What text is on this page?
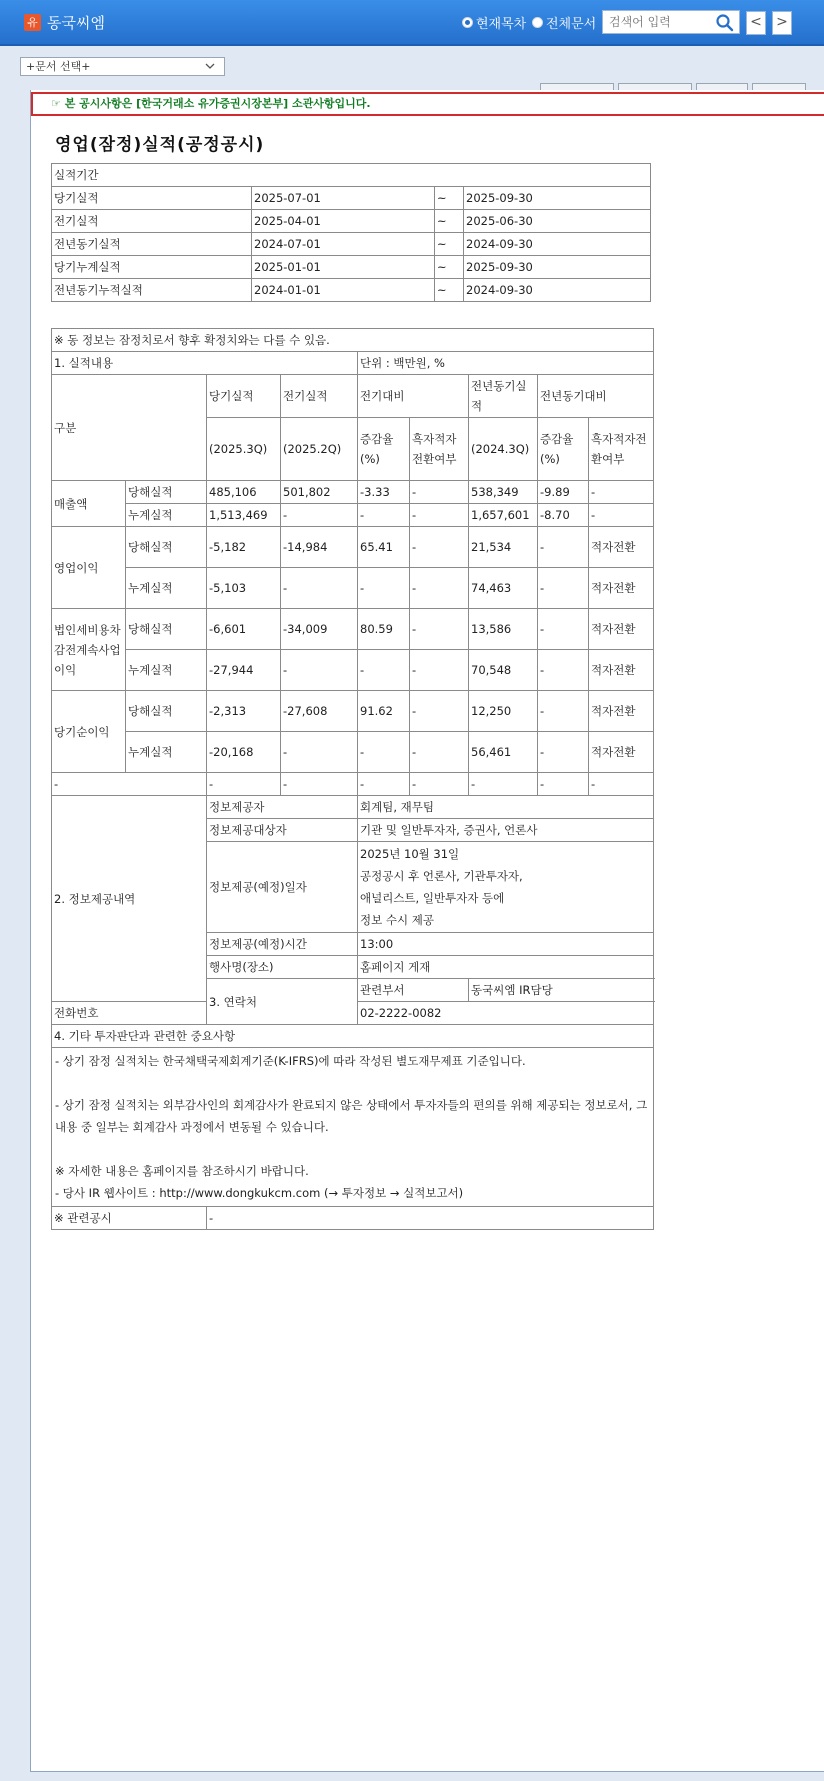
유 동국씨엠	현재목차 전체문서
검색어 입력	< >
+문서 선택+
☞ 본 공시사항은 [한국거래소 유가증권시장본부] 소관사항입니다.
영업(잠정)실적(공정공시)
실적기간			
당기실적	2025-07-01	~	2025-09-30
전기실적	2025-04-01	~	2025-06-30
전년동기실적	2024-07-01	~	2024-09-30
당기누계실적	2025-01-01	~	2025-09-30
전년동기누적실적	2024-01-01	~	2024-09-30
※ 동 정보는 잠정치로서 향후 확정치와는 다를 수 있음.								
1. 실적내용				단위 : 백만원, %				
구분		당기실적	전기실적	전기대비		전년동기실적	전년동기대비	
		(2025.3Q)	(2025.2Q)	증감율(%)	흑자적자전환여부	(2024.3Q)	증감율(%)	흑자적자전환여부
매출액	당해실적	485,106	501,802	-3.33	-	538,349	-9.89	-
	누계실적	1,513,469	-	-	-	1,657,601	-8.70	-
영업이익	당해실적	-5,182	-14,984	65.41	-	21,534	-	적자전환
	누계실적	-5,103	-	-	-	74,463	-	적자전환
법인세비용차감전계속사업이익	당해실적	-6,601	-34,009	80.59	-	13,586	-	적자전환
	누계실적	-27,944	-	-	-	70,548	-	적자전환
당기순이익	당해실적	-2,313	-27,608	91.62	-	12,250	-	적자전환
	누계실적	-20,168	-	-	-	56,461	-	적자전환
-		-	-	-	-	-	-	-
2. 정보제공내역		정보제공자		회계팀, 재무팀				
		정보제공대상자		기관 및 일반투자자, 증권사, 언론사				
		정보제공(예정)일자		2025년 10월 31일
공정공시 후 언론사, 기관투자자,
애널리스트, 일반투자자 등에
정보 수시 제공				

		정보제공(예정)시간		13:00				
		행사명(장소)		홈페이지 게재				
		3. 연락처		관련부서		동국씨엠 IR담당		
전화번호				02-2222-0082				
4. 기타 투자판단과 관련한 중요사항								
- 상기 잠정 실적치는 한국채택국제회계기준(K-IFRS)에 따라 작성된 별도재무제표 기준입니다.

- 상기 잠정 실적치는 외부감사인의 회계감사가 완료되지 않은 상태에서 투자자들의 편의를 위해 제공되는 정보로서, 그 내용 중 일부는 회계감사 과정에서 변동될 수 있습니다.

※ 자세한 내용은 홈페이지를 참조하시기 바랍니다.
- 당사 IR 웹사이트 : http://www.dongkukcm.com (→ 투자정보 → 실적보고서)								
※ 관련공시		-						
